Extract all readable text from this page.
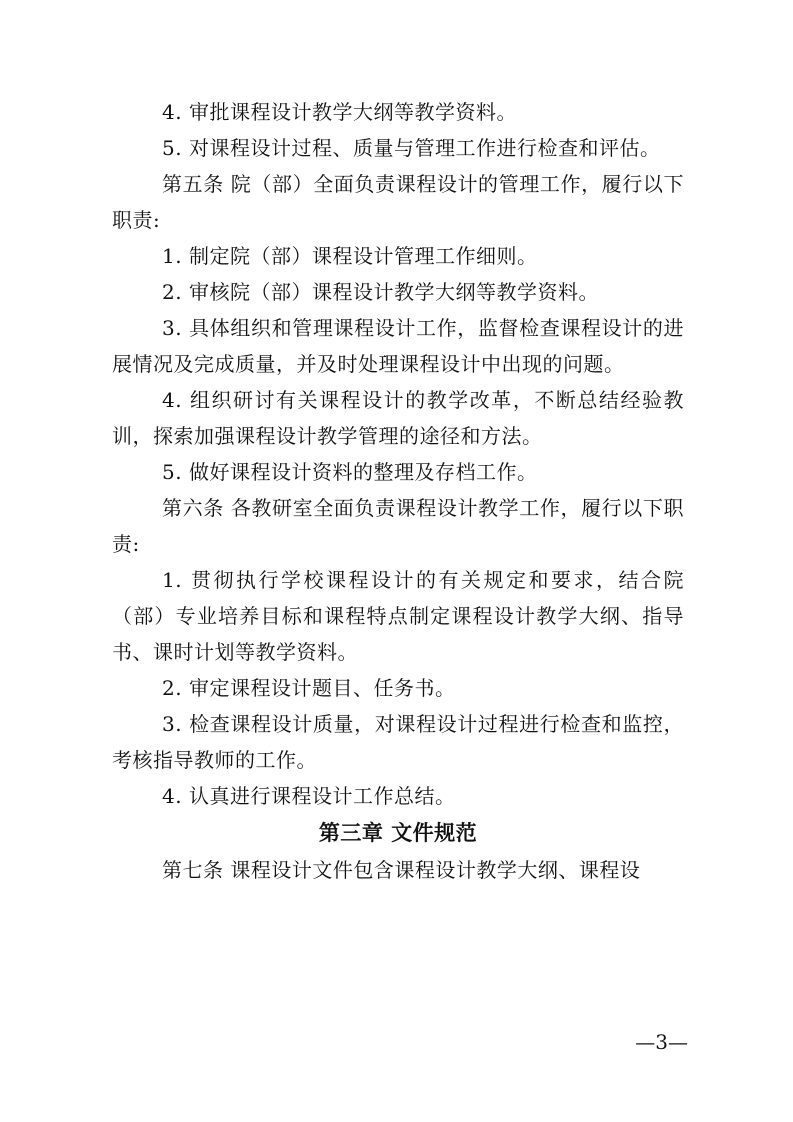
4. 审批课程设计教学大纲等教学资料。

5. 对课程设计过程、质量与管理工作进行检查和评估。

第五条 院（部）全面负责课程设计的管理工作，履行以下职责:

1. 制定院（部）课程设计管理工作细则。

2. 审核院（部）课程设计教学大纲等教学资料。

3. 具体组织和管理课程设计工作，监督检查课程设计的进展情况及完成质量，并及时处理课程设计中出现的问题。

4. 组织研讨有关课程设计的教学改革，不断总结经验教训，探索加强课程设计教学管理的途径和方法。

5. 做好课程设计资料的整理及存档工作。

第六条 各教研室全面负责课程设计教学工作，履行以下职责:

1. 贯彻执行学校课程设计的有关规定和要求，结合院（部）专业培养目标和课程特点制定课程设计教学大纲、指导书、课时计划等教学资料。

2. 审定课程设计题目、任务书。

3. 检查课程设计质量，对课程设计过程进行检查和监控，考核指导教师的工作。

4. 认真进行课程设计工作总结。

第三章 文件规范

第七条 课程设计文件包含课程设计教学大纲、课程设

—3—
